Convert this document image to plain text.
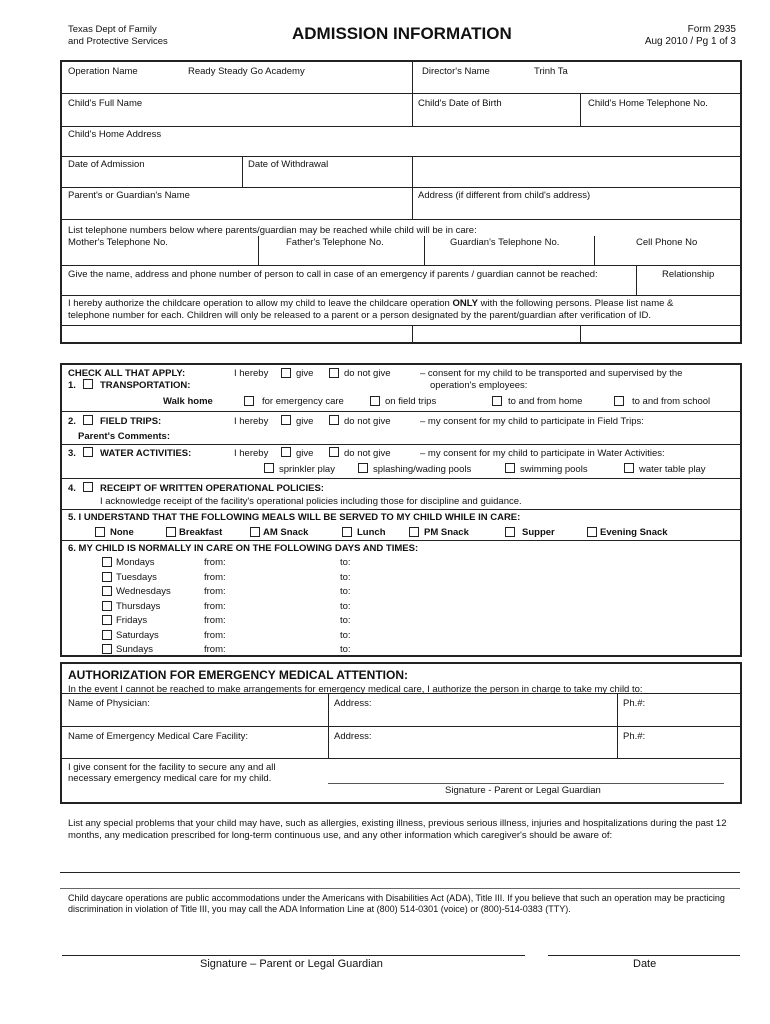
Texas Dept of Family
and Protective Services	ADMISSION INFORMATION	Form 2935
Aug 2010 / Pg 1 of 3
Operation Name	Ready Steady Go Academy	Director's Name	Trinh Ta
Child's Full Name	Child's Date of Birth	Child's Home Telephone No.
Child's Home Address
Date of Admission	Date of Withdrawal
Parent's or Guardian's Name	Address (if different from child's address)
List telephone numbers below where parents/guardian may be reached while child will be in care:
Mother's Telephone No.	Father's Telephone No.	Guardian's Telephone No.	Cell Phone No
Give the name, address and phone number of person to call in case of an emergency if parents / guardian cannot be reached:	Relationship
I hereby authorize the childcare operation to allow my child to leave the childcare operation ONLY with the following persons. Please list name &
telephone number for each. Children will only be released to a parent or a person designated by the parent/guardian after verification of ID.
CHECK ALL THAT APPLY:
1.	TRANSPORTATION:
I hereby	give	do not give	– consent for my child to be transported and supervised by the
operation's employees:
Walk home	for emergency care	on field trips	to and from home	to and from school
2.	FIELD TRIPS:	I hereby	give	do not give	– my consent for my child to participate in Field Trips:
Parent's Comments:
3.	WATER ACTIVITIES:	I hereby	give	do not give	– my consent for my child to participate in Water Activities:
sprinkler play	splashing/wading pools	swimming pools	water table play
4.	RECEIPT OF WRITTEN OPERATIONAL POLICIES:
I acknowledge receipt of the facility's operational policies including those for discipline and guidance.
5. I UNDERSTAND THAT THE FOLLOWING MEALS WILL BE SERVED TO MY CHILD WHILE IN CARE:
None	Breakfast	AM Snack	Lunch	PM Snack	Supper	Evening Snack
6. MY CHILD IS NORMALLY IN CARE ON THE FOLLOWING DAYS AND TIMES:
Mondays	from:	to:
Tuesdays	from:	to:
Wednesdays	from:	to:
Thursdays	from:	to:
Fridays	from:	to:
Saturdays	from:	to:
Sundays	from:	to:
AUTHORIZATION FOR EMERGENCY MEDICAL ATTENTION:
In the event I cannot be reached to make arrangements for emergency medical care, I authorize the person in charge to take my child to:
Name of Physician:	Address:	Ph.#:
Name of Emergency Medical Care Facility:	Address:	Ph.#:
I give consent for the facility to secure any and all
necessary emergency medical care for my child.
Signature - Parent or Legal Guardian
List any special problems that your child may have, such as allergies, existing illness, previous serious illness, injuries and hospitalizations during the past 12 months, any medication prescribed for long-term continuous use, and any other information which caregiver's should be aware of:
Child daycare operations are public accommodations under the Americans with Disabilities Act (ADA), Title III. If you believe that such an operation may be practicing discrimination in violation of Title III, you may call the ADA Information Line at (800) 514-0301 (voice) or (800)-514-0383 (TTY).
Signature – Parent or Legal Guardian	Date
